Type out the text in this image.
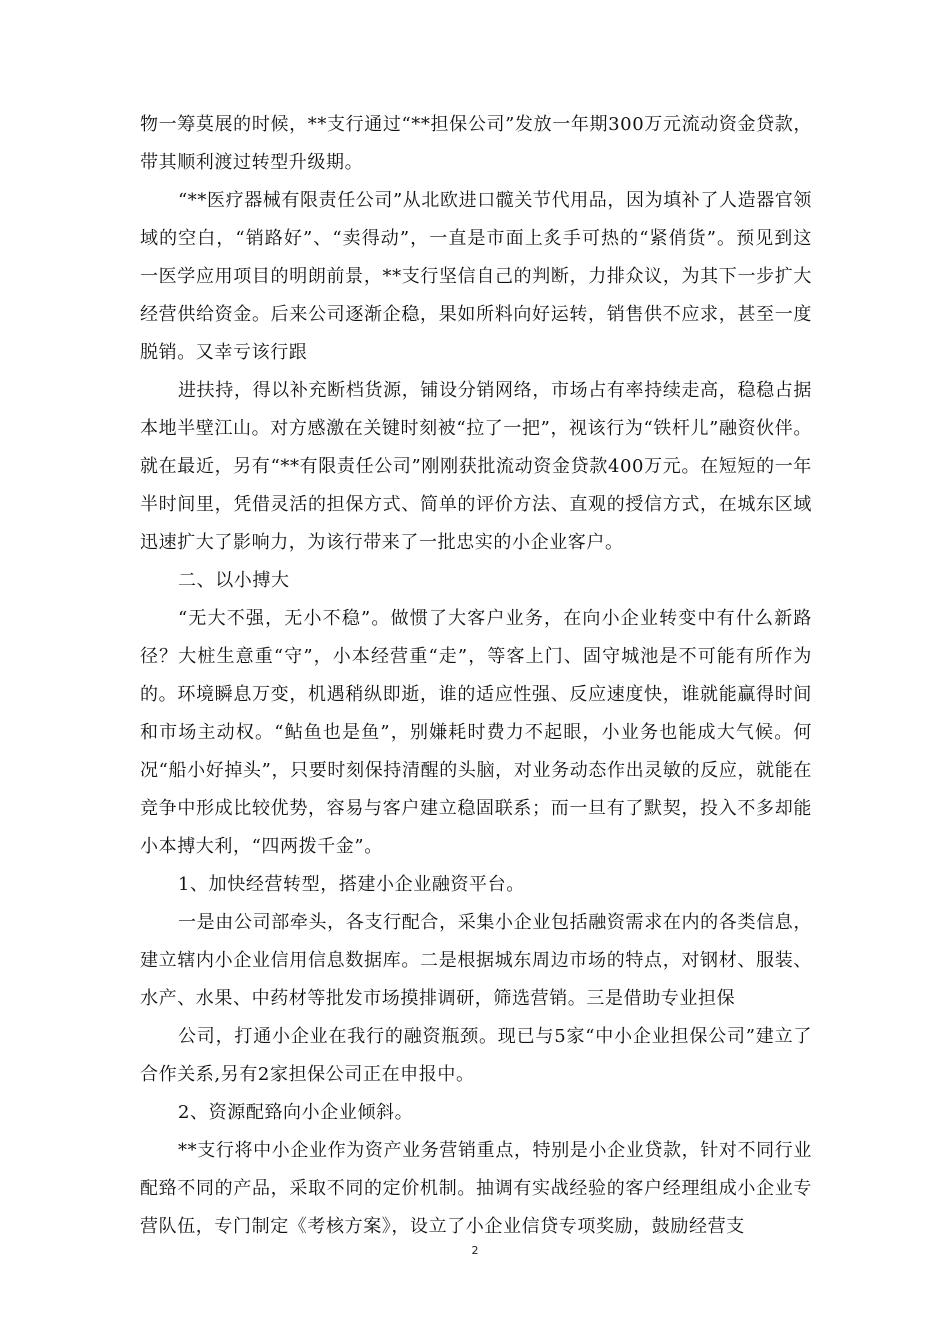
物一筹莫展的时候，**支行通过“**担保公司”发放一年期300万元流动资金贷款，带其顺利渡过转型升级期。

“**医疗器械有限责任公司”从北欧进口髋关节代用品，因为填补了人造器官领域的空白，“销路好”、“卖得动”，一直是市面上炙手可热的“紧俏货”。预见到这一医学应用项目的明朗前景，**支行坚信自己的判断，力排众议，为其下一步扩大经营供给资金。后来公司逐渐企稳，果如所料向好运转，销售供不应求，甚至一度脱销。又幸亏该行跟

进扶持，得以补充断档货源，铺设分销网络，市场占有率持续走高，稳稳占据本地半壁江山。对方感激在关键时刻被“拉了一把”，视该行为“铁杆儿”融资伙伴。就在最近，另有“**有限责任公司”刚刚获批流动资金贷款400万元。在短短的一年半时间里，凭借灵活的担保方式、简单的评价方法、直观的授信方式，在城东区域迅速扩大了影响力，为该行带来了一批忠实的小企业客户。

二、以小搏大

“无大不强，无小不稳”。做惯了大客户业务，在向小企业转变中有什么新路径？大桩生意重“守”，小本经营重“走”，等客上门、固守城池是不可能有所作为的。环境瞬息万变，机遇稍纵即逝，谁的适应性强、反应速度快，谁就能赢得时间和市场主动权。“鲇鱼也是鱼”，别嫌耗时费力不起眼，小业务也能成大气候。何况“船小好掉头”，只要时刻保持清醒的头脑，对业务动态作出灵敏的反应，就能在竞争中形成比较优势，容易与客户建立稳固联系；而一旦有了默契，投入不多却能小本搏大利，“四两拨千金”。

1、加快经营转型，搭建小企业融资平台。

一是由公司部牵头，各支行配合，采集小企业包括融资需求在内的各类信息，建立辖内小企业信用信息数据库。二是根据城东周边市场的特点，对钢材、服装、水产、水果、中药材等批发市场摸排调研，筛选营销。三是借助专业担保

公司，打通小企业在我行的融资瓶颈。现已与5家“中小企业担保公司”建立了合作关系,另有2家担保公司正在申报中。

2、资源配臵向小企业倾斜。

**支行将中小企业作为资产业务营销重点，特别是小企业贷款，针对不同行业配臵不同的产品，采取不同的定价机制。抽调有实战经验的客户经理组成小企业专营队伍，专门制定《考核方案》，设立了小企业信贷专项奖励，鼓励经营支

2
